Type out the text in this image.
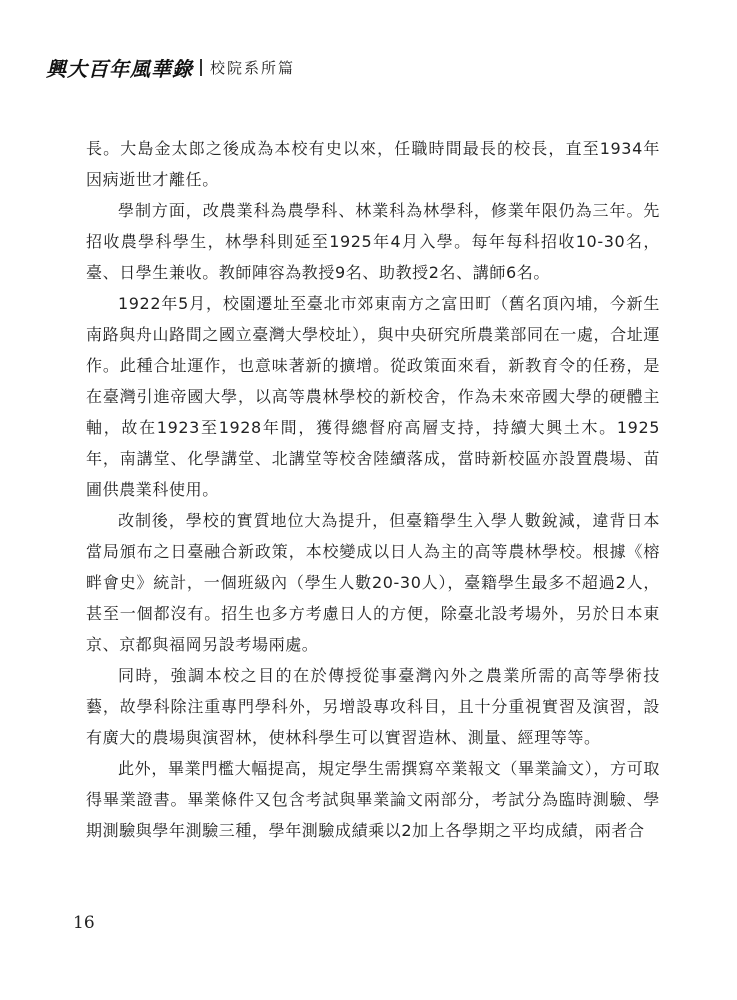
興大百年風華錄 校院系所篇

長。大島金太郎之後成為本校有史以來，任職時間最長的校長，直至1934年因病逝世才離任。

學制方面，改農業科為農學科、林業科為林學科，修業年限仍為三年。先招收農學科學生，林學科則延至1925年4月入學。每年每科招收10-30名，臺、日學生兼收。教師陣容為教授9名、助教授2名、講師6名。

1922年5月，校園遷址至臺北市郊東南方之富田町（舊名頂內埔，今新生南路與舟山路間之國立臺灣大學校址），與中央研究所農業部同在一處，合址運作。此種合址運作，也意味著新的擴增。從政策面來看，新教育令的任務，是在臺灣引進帝國大學，以高等農林學校的新校舍，作為未來帝國大學的硬體主軸，故在1923至1928年間，獲得總督府高層支持，持續大興土木。1925年，南講堂、化學講堂、北講堂等校舍陸續落成，當時新校區亦設置農場、苗圃供農業科使用。

改制後，學校的實質地位大為提升，但臺籍學生入學人數銳減，違背日本當局頒布之日臺融合新政策，本校變成以日人為主的高等農林學校。根據《榕畔會史》統計，一個班級內（學生人數20-30人），臺籍學生最多不超過2人，甚至一個都沒有。招生也多方考慮日人的方便，除臺北設考場外，另於日本東京、京都與福岡另設考場兩處。

同時，強調本校之目的在於傳授從事臺灣內外之農業所需的高等學術技藝，故學科除注重專門學科外，另增設專攻科目，且十分重視實習及演習，設有廣大的農場與演習林，使林科學生可以實習造林、測量、經理等等。

此外，畢業門檻大幅提高，規定學生需撰寫卒業報文（畢業論文），方可取得畢業證書。畢業條件又包含考試與畢業論文兩部分，考試分為臨時測驗、學期測驗與學年測驗三種，學年測驗成績乘以2加上各學期之平均成績，兩者合

16
